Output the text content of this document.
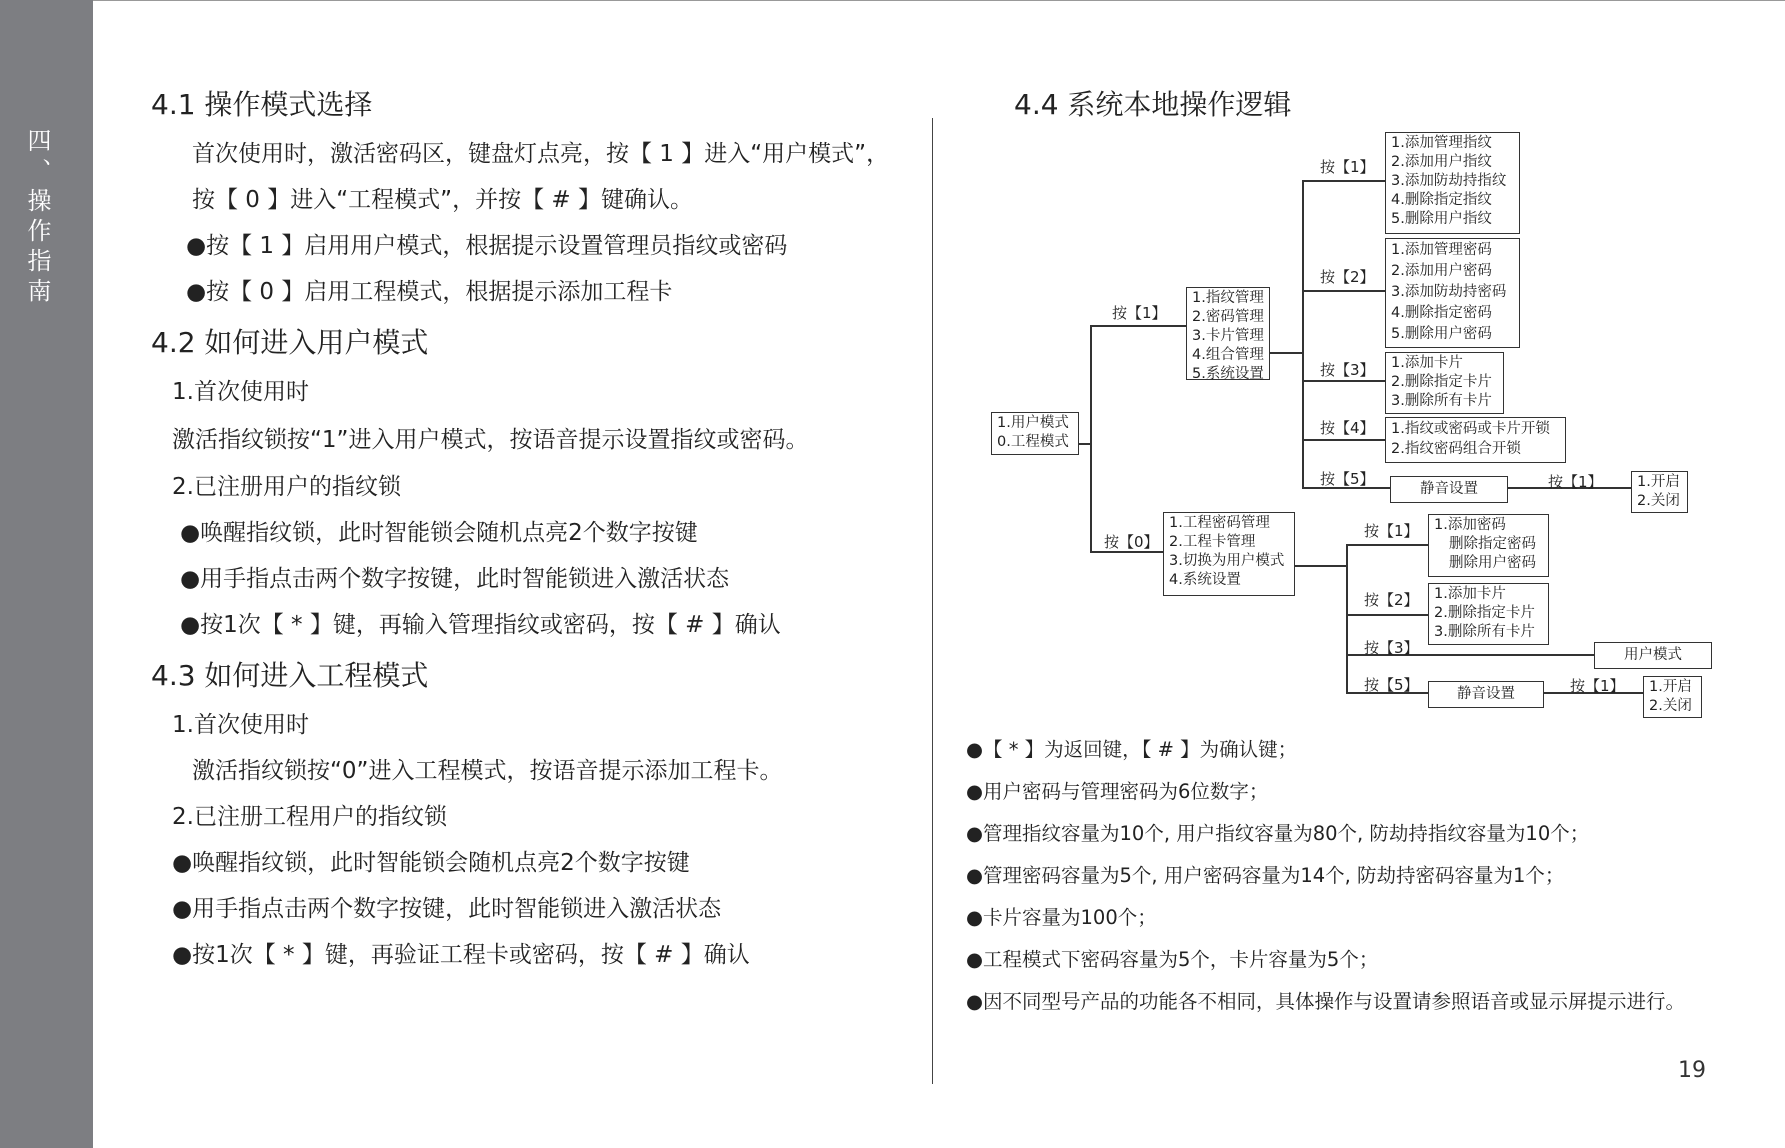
四、操作指南
4.1 操作模式选择
首次使用时，激活密码区，键盘灯点亮，按【 1 】进入“用户模式”，
按【 0 】进入“工程模式”，并按【 # 】键确认。
●按【 1 】启用用户模式，根据提示设置管理员指纹或密码
●按【 0 】启用工程模式，根据提示添加工程卡
4.2 如何进入用户模式
1.首次使用时
激活指纹锁按“1”进入用户模式，按语音提示设置指纹或密码。
2.已注册用户的指纹锁
●唤醒指纹锁，此时智能锁会随机点亮2个数字按键
●用手指点击两个数字按键，此时智能锁进入激活状态
●按1次【 * 】键，再输入管理指纹或密码，按【 # 】确认
4.3 如何进入工程模式
1.首次使用时
激活指纹锁按“0”进入工程模式，按语音提示添加工程卡。
2.已注册工程用户的指纹锁
●唤醒指纹锁，此时智能锁会随机点亮2个数字按键
●用手指点击两个数字按键，此时智能锁进入激活状态
●按1次【 * 】键，再验证工程卡或密码，按【 # 】确认
4.4 系统本地操作逻辑
按【1】
按【0】
按【1】
按【2】
按【3】
按【4】
按【5】	按【1】
按【1】
按【2】
按【3】
按【5】	按【1】
1.用户模式
0.工程模式
1.指纹管理
2.密码管理
3.卡片管理
4.组合管理
5.系统设置
1.添加管理指纹
2.添加用户指纹
3.添加防劫持指纹
4.删除指定指纹
5.删除用户指纹
1.添加管理密码
2.添加用户密码
3.添加防劫持密码
4.删除指定密码
5.删除用户密码
1.添加卡片
2.删除指定卡片
3.删除所有卡片
1.指纹或密码或卡片开锁
2.指纹密码组合开锁
静音设置	1.开启
2.关闭
1.工程密码管理
2.工程卡管理
3.切换为用户模式
4.系统设置
1.添加密码
删除指定密码
删除用户密码
1.添加卡片
2.删除指定卡片
3.删除所有卡片
用户模式
静音设置	1.开启
2.关闭
●【 * 】为返回键，【 # 】为确认键；
●用户密码与管理密码为6位数字；
●管理指纹容量为10个, 用户指纹容量为80个, 防劫持指纹容量为10个；
●管理密码容量为5个, 用户密码容量为14个, 防劫持密码容量为1个；
●卡片容量为100个；
●工程模式下密码容量为5个，卡片容量为5个；
●因不同型号产品的功能各不相同，具体操作与设置请参照语音或显示屏提示进行。
19
